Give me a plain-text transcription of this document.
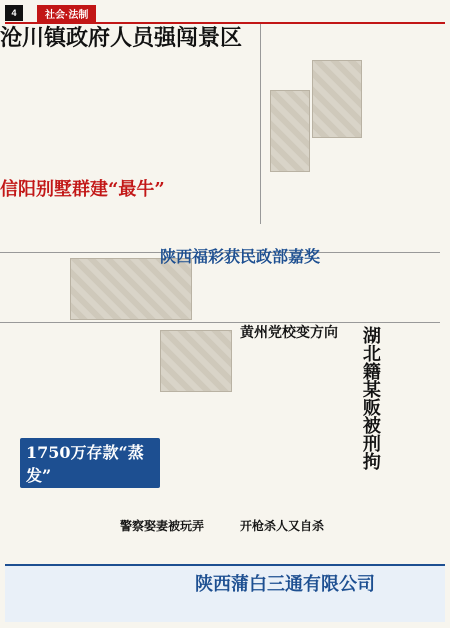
4	社会·法制
沧川镇政府人员强闯景区
信阳别墅群建“最牛”
陕西福彩获民政部嘉奖
1750万存款“蒸发”
黄州党校变方向	湖北籍某贩被刑拘
警察娶妻被玩弄	开枪杀人又自杀
陕西蒲白三通有限公司
